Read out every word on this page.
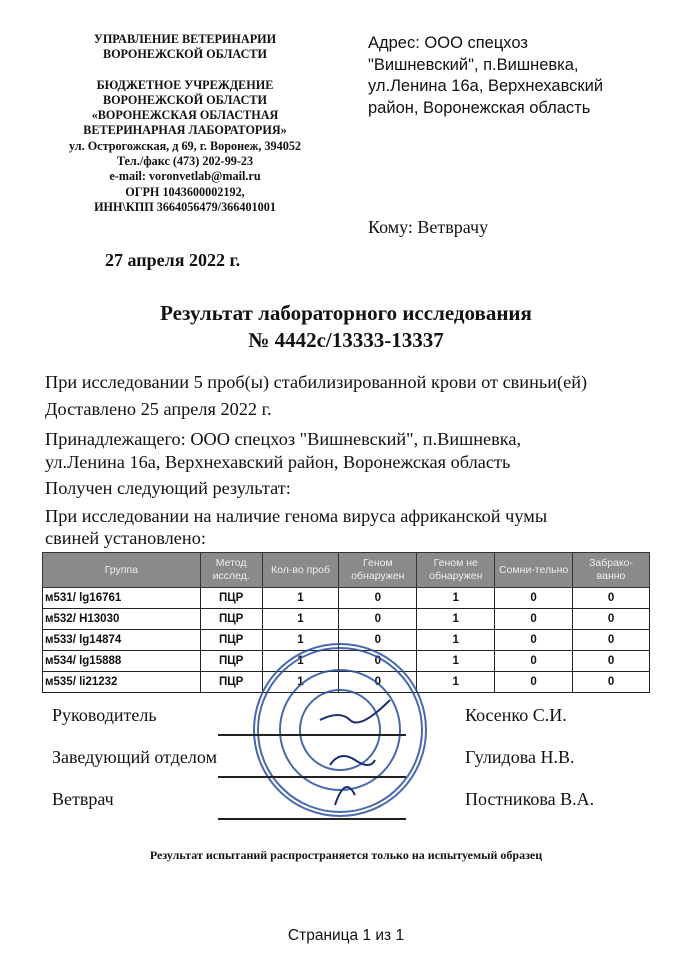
УПРАВЛЕНИЕ ВЕТЕРИНАРИИ
ВОРОНЕЖСКОЙ ОБЛАСТИ
БЮДЖЕТНОЕ УЧРЕЖДЕНИЕ
ВОРОНЕЖСКОЙ ОБЛАСТИ
«ВОРОНЕЖСКАЯ ОБЛАСТНАЯ
ВЕТЕРИНАРНАЯ ЛАБОРАТОРИЯ»
ул. Острогожская, д 69, г. Воронеж, 394052
Тел./факс (473) 202-99-23
e-mail: voronvetlab@mail.ru
ОГРН 1043600002192,
ИНН\КПП 3664056479/366401001
Адрес: ООО спецхоз
"Вишневский", п.Вишневка,
ул.Ленина 16а, Верхнехавский
район, Воронежская область
Кому: Ветврачу
27 апреля 2022 г.
Результат лабораторного исследования
№ 4442с/13333-13337
При исследовании 5 проб(ы) стабилизированной крови от свиньи(ей)
Доставлено 25 апреля 2022 г.
Принадлежащего: ООО спецхоз "Вишневский", п.Вишневка,
ул.Ленина 16а, Верхнехавский район, Воронежская область
Получен следующий результат:
При исследовании на наличие генома вируса африканской чумы
свиней установлено:
Группа	Метод исслед.	Кол-во проб	Геном обнаружен	Геном не обнаружен	Сомни-тельно	Забрако-ванно
м531/ lg16761	ПЦР	1	0	1	0	0
м532/ H13030	ПЦР	1	0	1	0	0
м533/ lg14874	ПЦР	1	0	1	0	0
м534/ lg15888	ПЦР	1	0	1	0	0
м535/ li21232	ПЦР	1	0	1	0	0
Руководитель	Косенко С.И.
Заведующий отделом	Гулидова Н.В.
Ветврач	Постникова В.А.
Результат испытаний распространяется только на испытуемый образец
Страница 1 из 1
